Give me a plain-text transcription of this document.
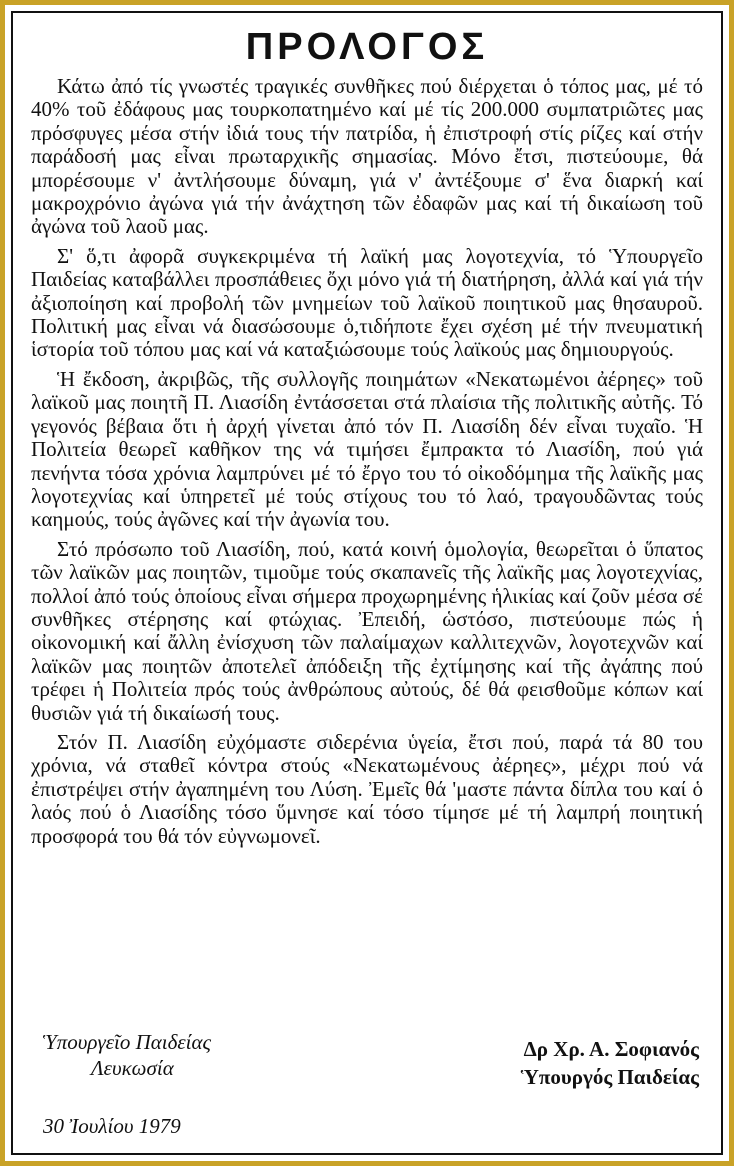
ΠΡΟΛΟΓΟΣ

Κάτω ἀπό τίς γνωστές τραγικές συνθῆκες πού διέρχεται ὁ τόπος μας, μέ τό 40% τοῦ ἐδάφους μας τουρκοπατημένο καί μέ τίς 200.000 συμπατριῶτες μας πρόσφυγες μέσα στήν ἰδιά τους τήν πατρίδα, ἡ ἐπιστροφή στίς ρίζες καί στήν παράδοσή μας εἶναι πρωταρχικῆς σημασίας. Μόνο ἔτσι, πιστεύουμε, θά μπορέσουμε ν' ἀντλήσουμε δύναμη, γιά ν' ἀντέξουμε σ' ἕνα διαρκή καί μακροχρόνιο ἀγώνα γιά τήν ἀνάχτηση τῶν ἐδαφῶν μας καί τή δικαίωση τοῦ ἀγώνα τοῦ λαοῦ μας.

Σ' ὅ,τι ἀφορᾶ συγκεκριμένα τή λαϊκή μας λογοτεχνία, τό Ὑπουργεῖο Παιδείας καταβάλλει προσπάθειες ὄχι μόνο γιά τή διατήρηση, ἀλλά καί γιά τήν ἀξιοποίηση καί προβολή τῶν μνημείων τοῦ λαϊκοῦ ποιητικοῦ μας θησαυροῦ. Πολιτική μας εἶναι νά διασώσουμε ὁ,τιδήποτε ἔχει σχέση μέ τήν πνευματική ἱστορία τοῦ τόπου μας καί νά καταξιώσουμε τούς λαϊκούς μας δημιουργούς.

Ἡ ἔκδοση, ἀκριβῶς, τῆς συλλογῆς ποιημάτων «Νεκατωμένοι ἀέρηες» τοῦ λαϊκοῦ μας ποιητῆ Π. Λιασίδη ἐντάσσεται στά πλαίσια τῆς πολιτικῆς αὐτῆς. Τό γεγονός βέβαια ὅτι ἡ ἀρχή γίνεται ἀπό τόν Π. Λιασίδη δέν εἶναι τυχαῖο. Ἡ Πολιτεία θεωρεῖ καθῆκον της νά τιμήσει ἔμπρακτα τό Λιασίδη, πού γιά πενήντα τόσα χρόνια λαμπρύνει μέ τό ἔργο του τό οἰκοδόμημα τῆς λαϊκῆς μας λογοτεχνίας καί ὑπηρετεῖ μέ τούς στίχους του τό λαό, τραγουδῶντας τούς καημούς, τούς ἀγῶνες καί τήν ἀγωνία του.

Στό πρόσωπο τοῦ Λιασίδη, πού, κατά κοινή ὁμολογία, θεωρεῖται ὁ ὕπατος τῶν λαϊκῶν μας ποιητῶν, τιμοῦμε τούς σκαπανεῖς τῆς λαϊκῆς μας λογοτεχνίας, πολλοί ἀπό τούς ὁποίους εἶναι σήμερα προχωρημένης ἡλικίας καί ζοῦν μέσα σέ συνθῆκες στέρησης καί φτώχιας. Ἐπειδή, ὡστόσο, πιστεύουμε πώς ἡ οἰκονομική καί ἄλλη ἐνίσχυση τῶν παλαίμαχων καλλιτεχνῶν, λογοτεχνῶν καί λαϊκῶν μας ποιητῶν ἀποτελεῖ ἀπόδειξη τῆς ἐχτίμησης καί τῆς ἀγάπης πού τρέφει ἡ Πολιτεία πρός τούς ἀνθρώπους αὐτούς, δέ θά φεισθοῦμε κόπων καί θυσιῶν γιά τή δικαίωσή τους.

Στόν Π. Λιασίδη εὐχόμαστε σιδερένια ὑγεία, ἔτσι πού, παρά τά 80 του χρόνια, νά σταθεῖ κόντρα στούς «Νεκατωμένους ἀέρηες», μέχρι πού νά ἐπιστρέψει στήν ἀγαπημένη του Λύση. Ἐμεῖς θά 'μαστε πάντα δίπλα του καί ὁ λαός πού ὁ Λιασίδης τόσο ὕμνησε καί τόσο τίμησε μέ τή λαμπρή ποιητική προσφορά του θά τόν εὐγνωμονεῖ.

Ὑπουργεῖο Παιδείας
Λευκωσία
Δρ Χρ. Α. Σοφιανός
Ὑπουργός Παιδείας
30 Ἰουλίου 1979
